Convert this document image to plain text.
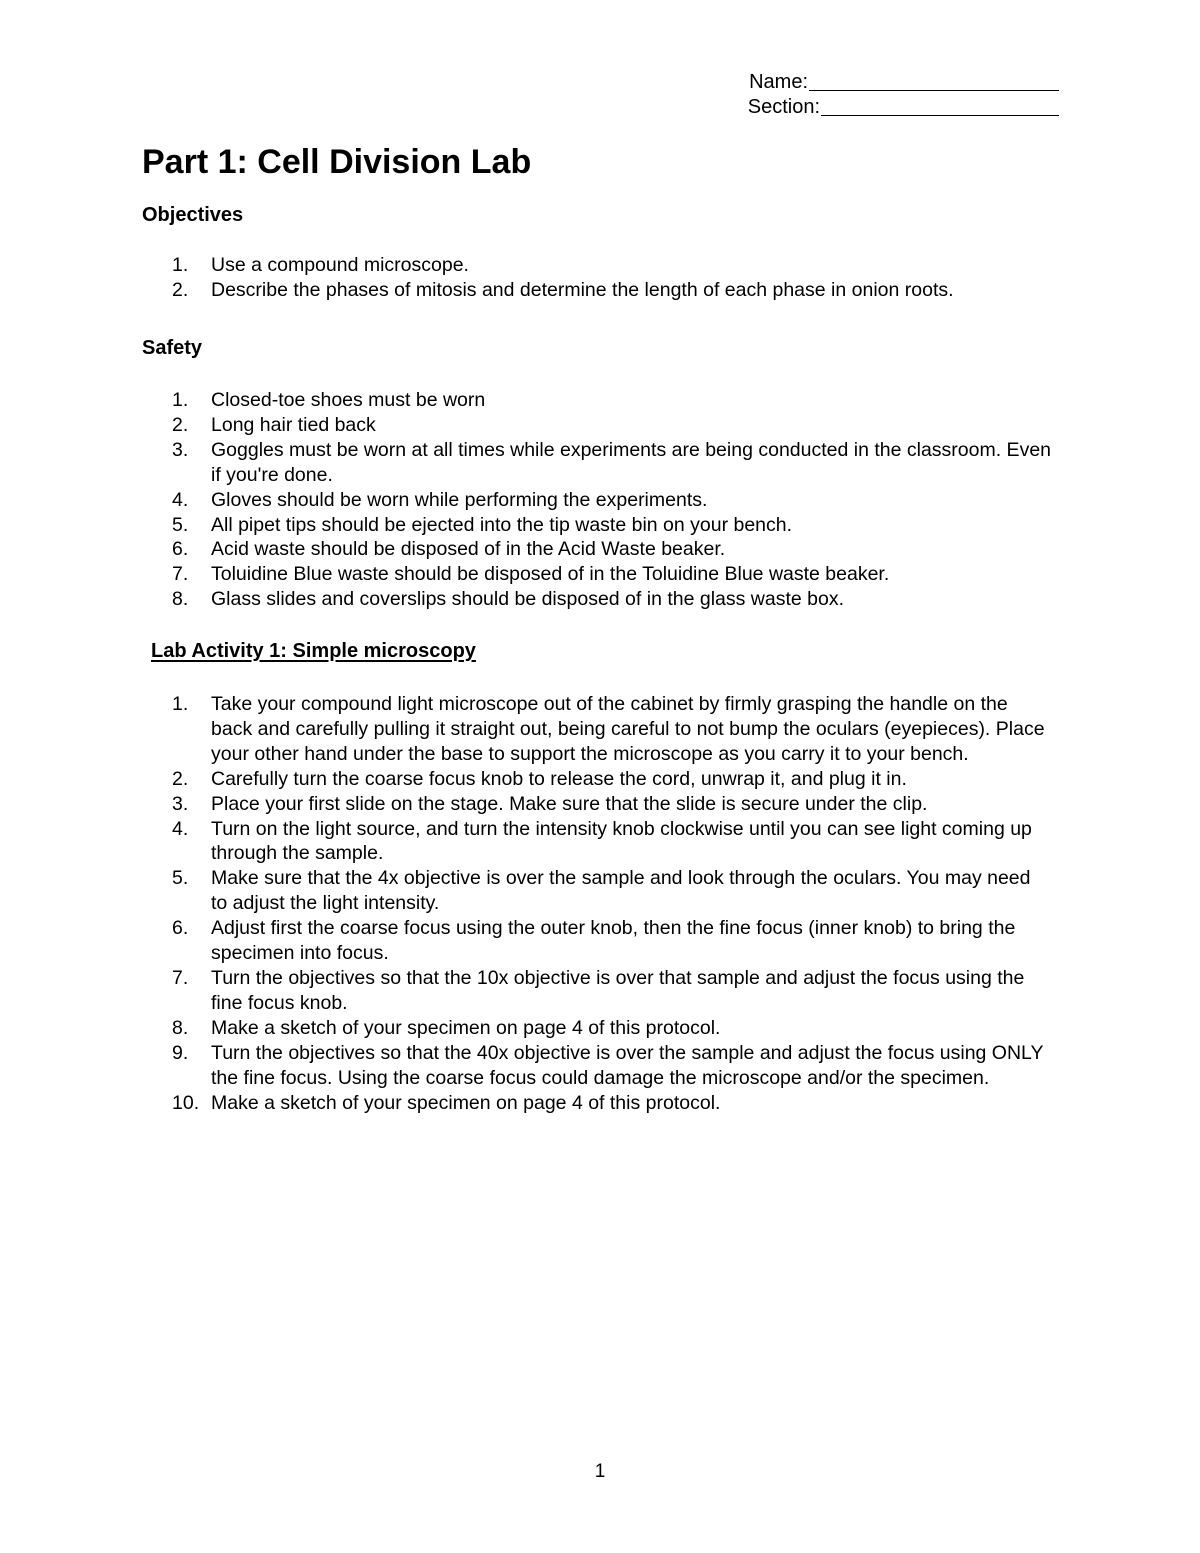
Name:
Section:
Part 1: Cell Division Lab
Objectives
1.	Use a compound microscope.
2.	Describe the phases of mitosis and determine the length of each phase in onion roots.
Safety
1.	Closed-toe shoes must be worn
2.	Long hair tied back
3.	Goggles must be worn at all times while experiments are being conducted in the classroom. Even if you're done.
4.	Gloves should be worn while performing the experiments.
5.	All pipet tips should be ejected into the tip waste bin on your bench.
6.	Acid waste should be disposed of in the Acid Waste beaker.
7.	Toluidine Blue waste should be disposed of in the Toluidine Blue waste beaker.
8.	Glass slides and coverslips should be disposed of in the glass waste box.
Lab Activity 1: Simple microscopy
1.	Take your compound light microscope out of the cabinet by firmly grasping the handle on the back and carefully pulling it straight out, being careful to not bump the oculars (eyepieces). Place your other hand under the base to support the microscope as you carry it to your bench.
2.	Carefully turn the coarse focus knob to release the cord, unwrap it, and plug it in.
3.	Place your first slide on the stage. Make sure that the slide is secure under the clip.
4.	Turn on the light source, and turn the intensity knob clockwise until you can see light coming up through the sample.
5.	Make sure that the 4x objective is over the sample and look through the oculars. You may need to adjust the light intensity.
6.	Adjust first the coarse focus using the outer knob, then the fine focus (inner knob) to bring the specimen into focus.
7.	Turn the objectives so that the 10x objective is over that sample and adjust the focus using the fine focus knob.
8.	Make a sketch of your specimen on page 4 of this protocol.
9.	Turn the objectives so that the 40x objective is over the sample and adjust the focus using ONLY the fine focus. Using the coarse focus could damage the microscope and/or the specimen.
10. Make a sketch of your specimen on page 4 of this protocol.
1
